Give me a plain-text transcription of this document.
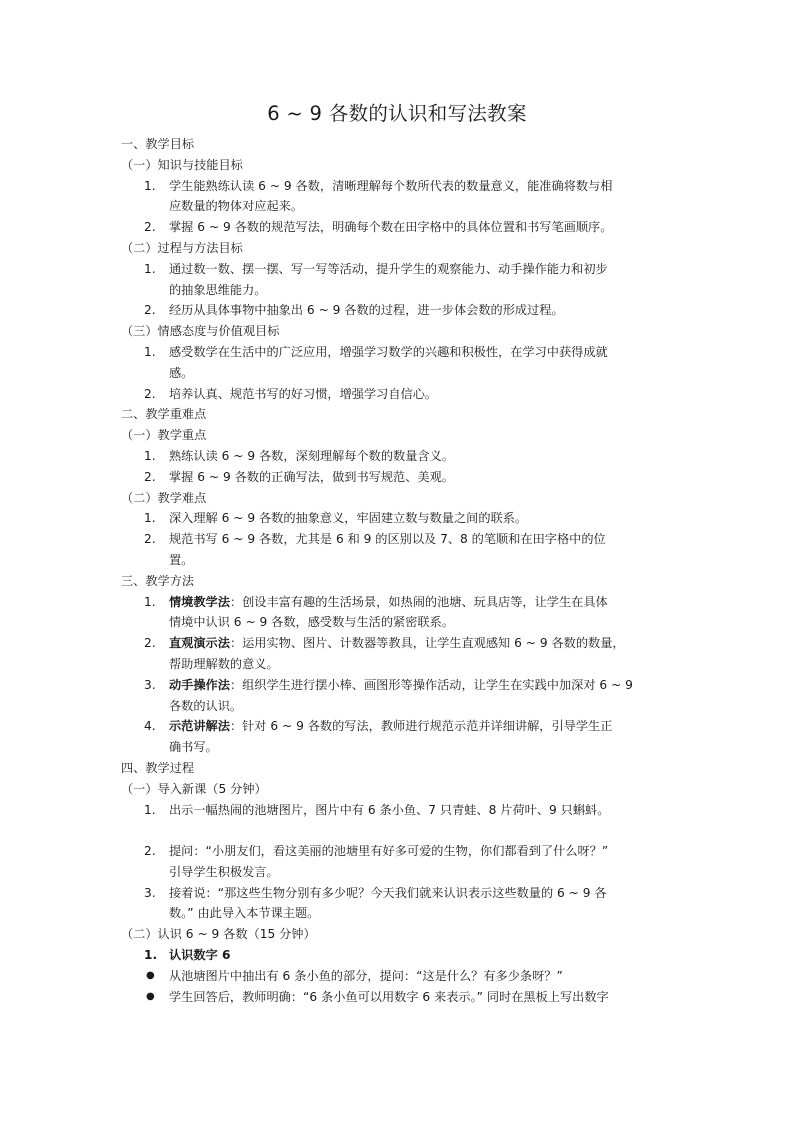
6 ~ 9 各数的认识和写法教案
一、教学目标
（一）知识与技能目标
1. 学生能熟练认读 6 ~ 9 各数，清晰理解每个数所代表的数量意义，能准确将数与相
应数量的物体对应起来。
2. 掌握 6 ~ 9 各数的规范写法，明确每个数在田字格中的具体位置和书写笔画顺序。
（二）过程与方法目标
1. 通过数一数、摆一摆、写一写等活动，提升学生的观察能力、动手操作能力和初步
的抽象思维能力。
2. 经历从具体事物中抽象出 6 ~ 9 各数的过程，进一步体会数的形成过程。
（三）情感态度与价值观目标
1. 感受数学在生活中的广泛应用，增强学习数学的兴趣和积极性，在学习中获得成就
感。
2. 培养认真、规范书写的好习惯，增强学习自信心。
二、教学重难点
（一）教学重点
1. 熟练认读 6 ~ 9 各数，深刻理解每个数的数量含义。
2. 掌握 6 ~ 9 各数的正确写法，做到书写规范、美观。
（二）教学难点
1. 深入理解 6 ~ 9 各数的抽象意义，牢固建立数与数量之间的联系。
2. 规范书写 6 ~ 9 各数，尤其是 6 和 9 的区别以及 7、8 的笔顺和在田字格中的位
置。
三、教学方法
1. 情境教学法：创设丰富有趣的生活场景，如热闹的池塘、玩具店等，让学生在具体
情境中认识 6 ~ 9 各数，感受数与生活的紧密联系。
2. 直观演示法：运用实物、图片、计数器等教具，让学生直观感知 6 ~ 9 各数的数量，
帮助理解数的意义。
3. 动手操作法：组织学生进行摆小棒、画图形等操作活动，让学生在实践中加深对 6 ~ 9
各数的认识。
4. 示范讲解法：针对 6 ~ 9 各数的写法，教师进行规范示范并详细讲解，引导学生正
确书写。
四、教学过程
（一）导入新课（5 分钟）
1. 出示一幅热闹的池塘图片，图片中有 6 条小鱼、7 只青蛙、8 片荷叶、9 只蝌蚪。
2. 提问：“小朋友们，看这美丽的池塘里有好多可爱的生物，你们都看到了什么呀？”
引导学生积极发言。
3. 接着说：“那这些生物分别有多少呢？今天我们就来认识表示这些数量的 6 ~ 9 各
数。” 由此导入本节课主题。
（二）认识 6 ~ 9 各数（15 分钟）
1. 认识数字 6
● 从池塘图片中抽出有 6 条小鱼的部分，提问：“这是什么？有多少条呀？”
● 学生回答后，教师明确：“6 条小鱼可以用数字 6 来表示。” 同时在黑板上写出数字
